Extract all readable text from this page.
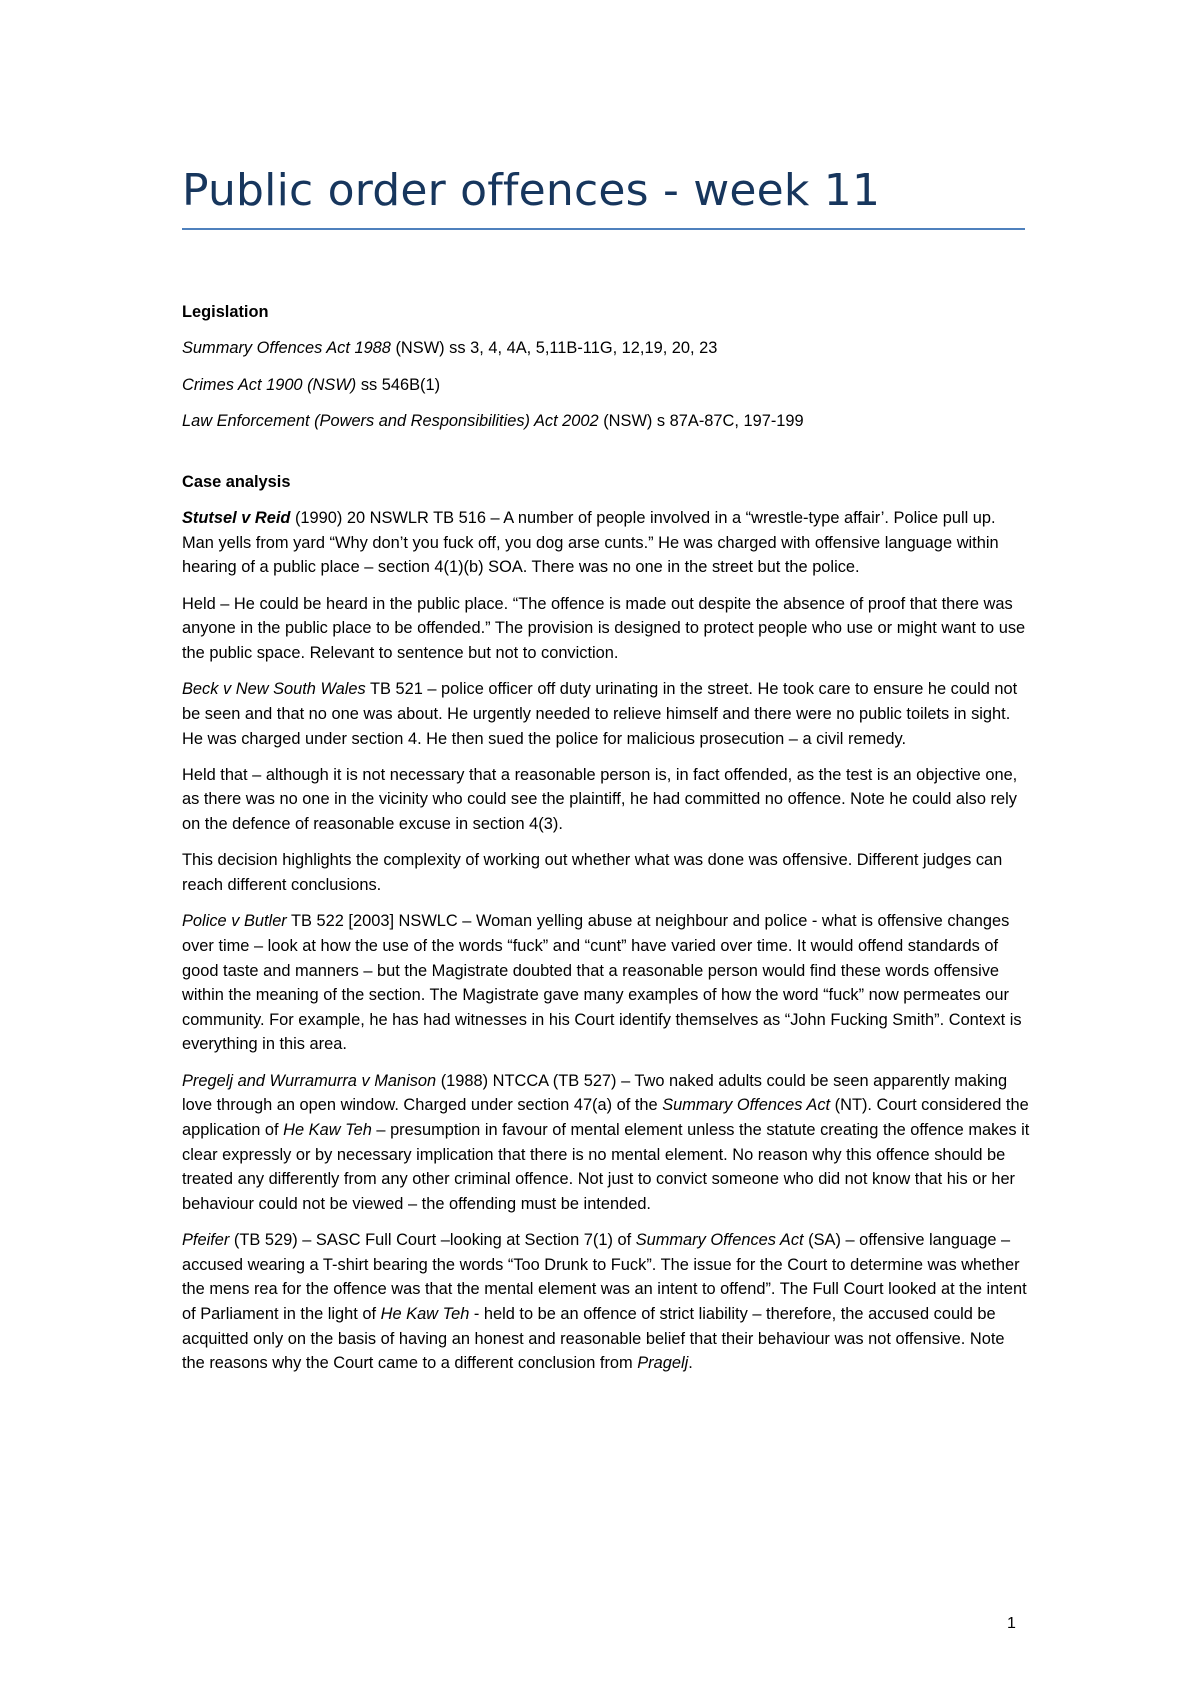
Public order offences - week 11

Legislation

Summary Offences Act 1988 (NSW) ss 3, 4, 4A, 5,11B-11G, 12,19, 20, 23

Crimes Act 1900 (NSW) ss 546B(1)

Law Enforcement (Powers and Responsibilities) Act 2002 (NSW) s 87A-87C, 197-199

Case analysis

Stutsel v Reid (1990) 20 NSWLR TB 516 – A number of people involved in a “wrestle-type affair’. Police pull up. Man yells from yard “Why don’t you fuck off, you dog arse cunts.” He was charged with offensive language within hearing of a public place – section 4(1)(b) SOA. There was no one in the street but the police.

Held – He could be heard in the public place. “The offence is made out despite the absence of proof that there was anyone in the public place to be offended.” The provision is designed to protect people who use or might want to use the public space. Relevant to sentence but not to conviction.

Beck v New South Wales TB 521 – police officer off duty urinating in the street. He took care to ensure he could not be seen and that no one was about. He urgently needed to relieve himself and there were no public toilets in sight. He was charged under section 4. He then sued the police for malicious prosecution – a civil remedy.

Held that – although it is not necessary that a reasonable person is, in fact offended, as the test is an objective one, as there was no one in the vicinity who could see the plaintiff, he had committed no offence. Note he could also rely on the defence of reasonable excuse in section 4(3).

This decision highlights the complexity of working out whether what was done was offensive. Different judges can reach different conclusions.

Police v Butler TB 522 [2003] NSWLC – Woman yelling abuse at neighbour and police - what is offensive changes over time – look at how the use of the words “fuck” and “cunt” have varied over time. It would offend standards of good taste and manners – but the Magistrate doubted that a reasonable person would find these words offensive within the meaning of the section. The Magistrate gave many examples of how the word “fuck” now permeates our community. For example, he has had witnesses in his Court identify themselves as “John Fucking Smith”. Context is everything in this area.

Pregelj and Wurramurra v Manison (1988) NTCCA (TB 527) – Two naked adults could be seen apparently making love through an open window. Charged under section 47(a) of the Summary Offences Act (NT). Court considered the application of He Kaw Teh – presumption in favour of mental element unless the statute creating the offence makes it clear expressly or by necessary implication that there is no mental element. No reason why this offence should be treated any differently from any other criminal offence. Not just to convict someone who did not know that his or her behaviour could not be viewed – the offending must be intended.

Pfeifer (TB 529) – SASC Full Court –looking at Section 7(1) of Summary Offences Act (SA) – offensive language – accused wearing a T-shirt bearing the words “Too Drunk to Fuck”. The issue for the Court to determine was whether the mens rea for the offence was that the mental element was an intent to offend”. The Full Court looked at the intent of Parliament in the light of He Kaw Teh - held to be an offence of strict liability – therefore, the accused could be acquitted only on the basis of having an honest and reasonable belief that their behaviour was not offensive. Note the reasons why the Court came to a different conclusion from Pragelj.

1
